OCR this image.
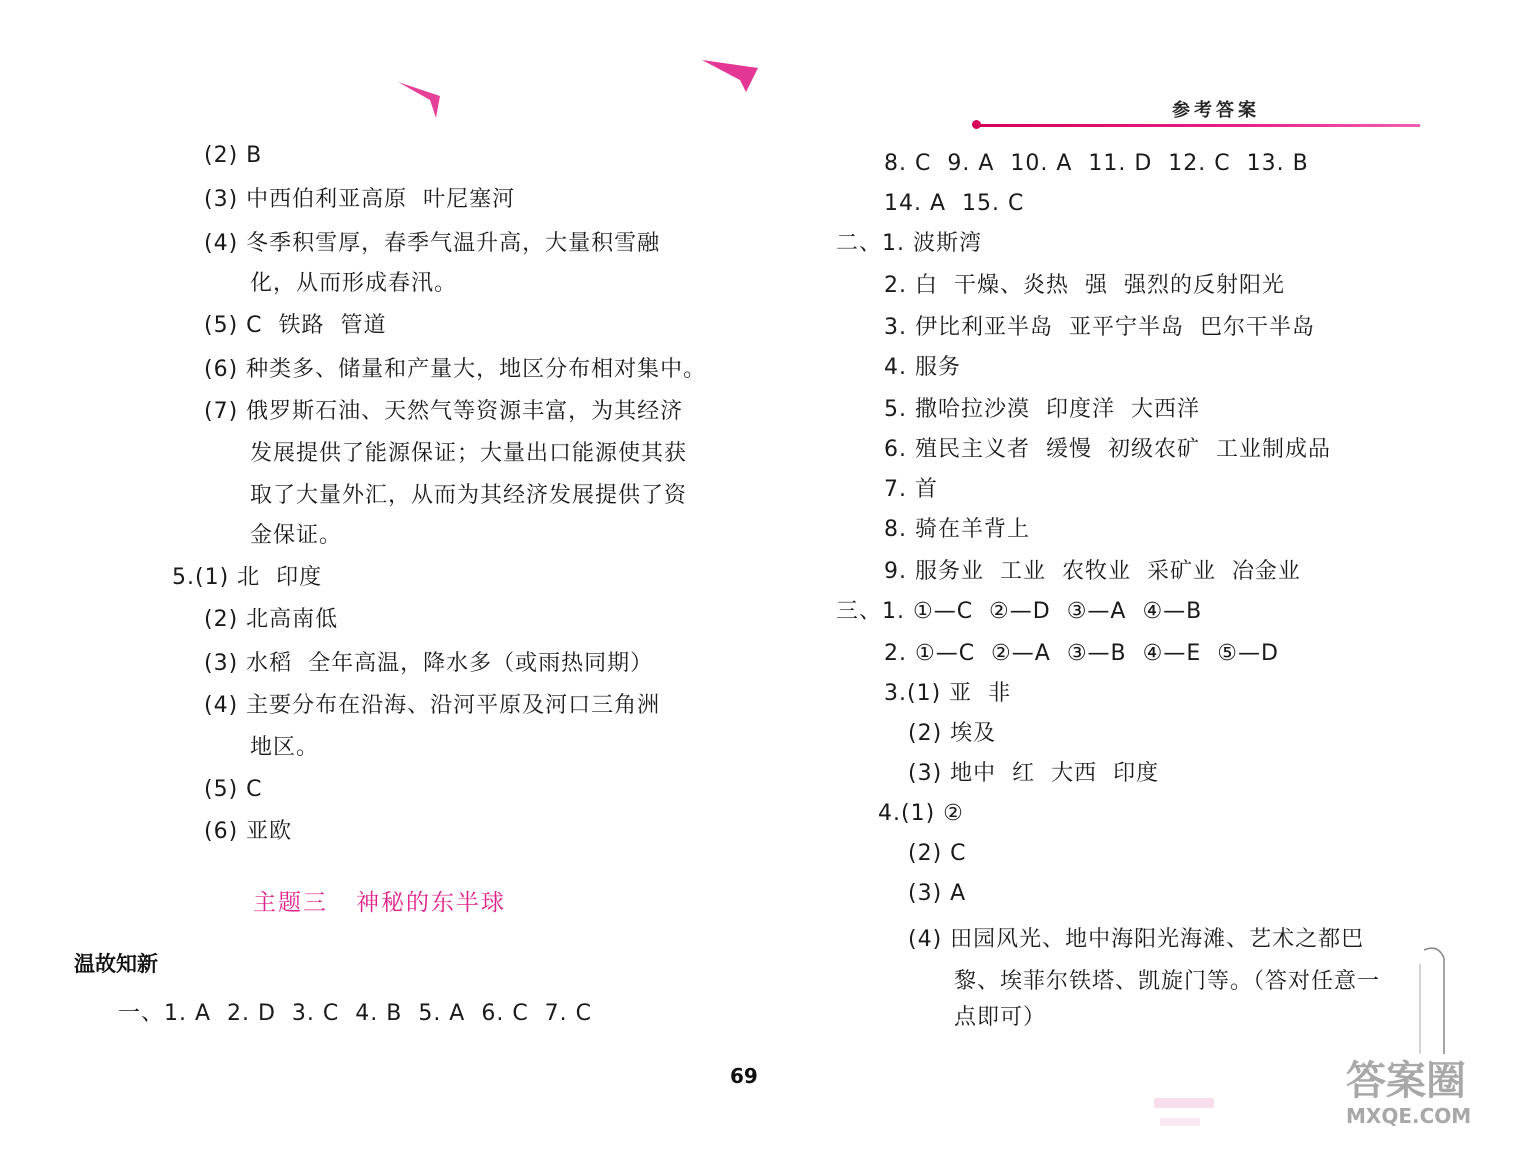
参考答案
(2) B
(3) 中西伯利亚高原  叶尼塞河
(4) 冬季积雪厚，春季气温升高，大量积雪融
化，从而形成春汛。
(5) C  铁路  管道
(6) 种类多、储量和产量大，地区分布相对集中。
(7) 俄罗斯石油、天然气等资源丰富，为其经济
发展提供了能源保证；大量出口能源使其获
取了大量外汇，从而为其经济发展提供了资
金保证。
5.(1) 北  印度
(2) 北高南低
(3) 水稻  全年高温，降水多（或雨热同期）
(4) 主要分布在沿海、沿河平原及河口三角洲
地区。
(5) C
(6) 亚欧
主题三 神秘的东半球
温故知新
一、1. A  2. D  3. C  4. B  5. A  6. C  7. C
8. C  9. A  10. A  11. D  12. C  13. B
14. A  15. C
二、1. 波斯湾
2. 白  干燥、炎热  强  强烈的反射阳光
3. 伊比利亚半岛  亚平宁半岛  巴尔干半岛
4. 服务
5. 撒哈拉沙漠  印度洋  大西洋
6. 殖民主义者  缓慢  初级农矿  工业制成品
7. 首
8. 骑在羊背上
9. 服务业  工业  农牧业  采矿业  冶金业
三、1. ①—C  ②—D  ③—A  ④—B
2. ①—C  ②—A  ③—B  ④—E  ⑤—D
3.(1) 亚  非
(2) 埃及
(3) 地中  红  大西  印度
4.(1) ②
(2) C
(3) A
(4) 田园风光、地中海阳光海滩、艺术之都巴
黎、埃菲尔铁塔、凯旋门等。（答对任意一
点即可）
69	答案圈
MXQE.COM
